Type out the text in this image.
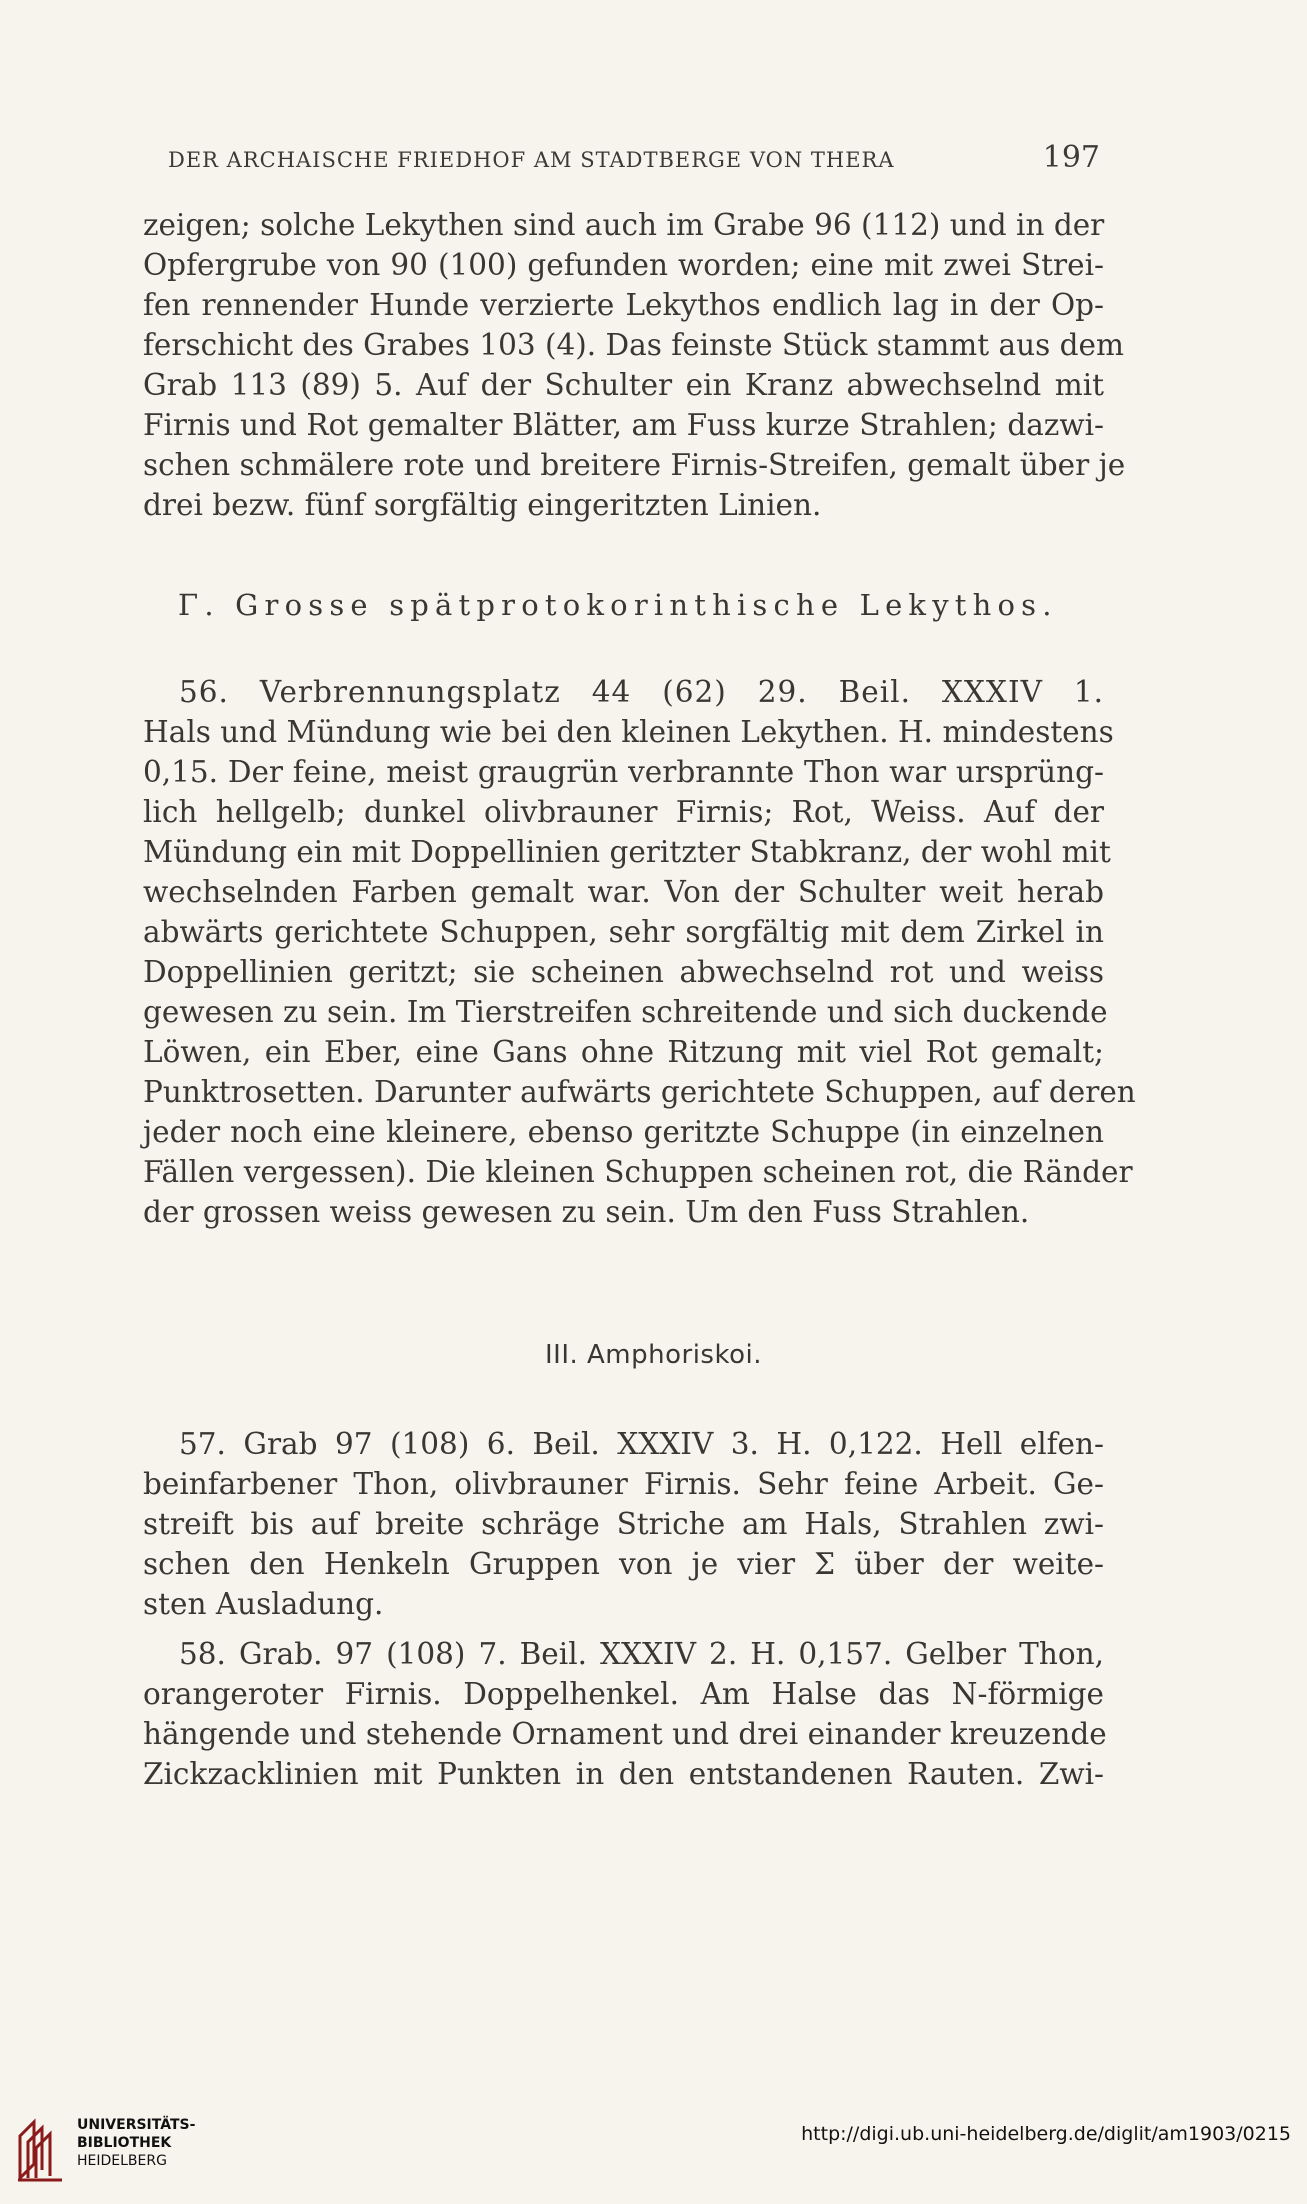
DER ARCHAISCHE FRIEDHOF AM STADTBERGE VON THERA	197
zeigen; solche Lekythen sind auch im Grabe 96 (112) und in der
Opfergrube von 90 (100) gefunden worden; eine mit zwei Strei-
fen rennender Hunde verzierte Lekythos endlich lag in der Op-
ferschicht des Grabes 103 (4). Das feinste Stück stammt aus dem
Grab 113 (89) 5. Auf der Schulter ein Kranz abwechselnd mit
Firnis und Rot gemalter Blätter, am Fuss kurze Strahlen; dazwi-
schen schmälere rote und breitere Firnis-Streifen, gemalt über je
drei bezw. fünf sorgfältig eingeritzten Linien.
Γ. Grosse spätprotokorinthische Lekythos.
56. Verbrennungsplatz 44 (62) 29. Beil. XXXIV 1.
Hals und Mündung wie bei den kleinen Lekythen. H. mindestens
0,15. Der feine, meist graugrün verbrannte Thon war ursprüng-
lich hellgelb; dunkel olivbrauner Firnis; Rot, Weiss. Auf der
Mündung ein mit Doppellinien geritzter Stabkranz, der wohl mit
wechselnden Farben gemalt war. Von der Schulter weit herab
abwärts gerichtete Schuppen, sehr sorgfältig mit dem Zirkel in
Doppellinien geritzt; sie scheinen abwechselnd rot und weiss
gewesen zu sein. Im Tierstreifen schreitende und sich duckende
Löwen, ein Eber, eine Gans ohne Ritzung mit viel Rot gemalt;
Punktrosetten. Darunter aufwärts gerichtete Schuppen, auf deren
jeder noch eine kleinere, ebenso geritzte Schuppe (in einzelnen
Fällen vergessen). Die kleinen Schuppen scheinen rot, die Ränder
der grossen weiss gewesen zu sein. Um den Fuss Strahlen.
III. Amphoriskoi.
57. Grab 97 (108) 6. Beil. XXXIV 3. H. 0,122. Hell elfen-
beinfarbener Thon, olivbrauner Firnis. Sehr feine Arbeit. Ge-
streift bis auf breite schräge Striche am Hals, Strahlen zwi-
schen den Henkeln Gruppen von je vier Σ über der weite-
sten Ausladung.
58. Grab. 97 (108) 7. Beil. XXXIV 2. H. 0,157. Gelber Thon,
orangeroter Firnis. Doppelhenkel. Am Halse das N-förmige
hängende und stehende Ornament und drei einander kreuzende
Zickzacklinien mit Punkten in den entstandenen Rauten. Zwi-
UNIVERSITÄTS-
BIBLIOTHEK
HEIDELBERG
http://digi.ub.uni-heidelberg.de/diglit/am1903/0215
